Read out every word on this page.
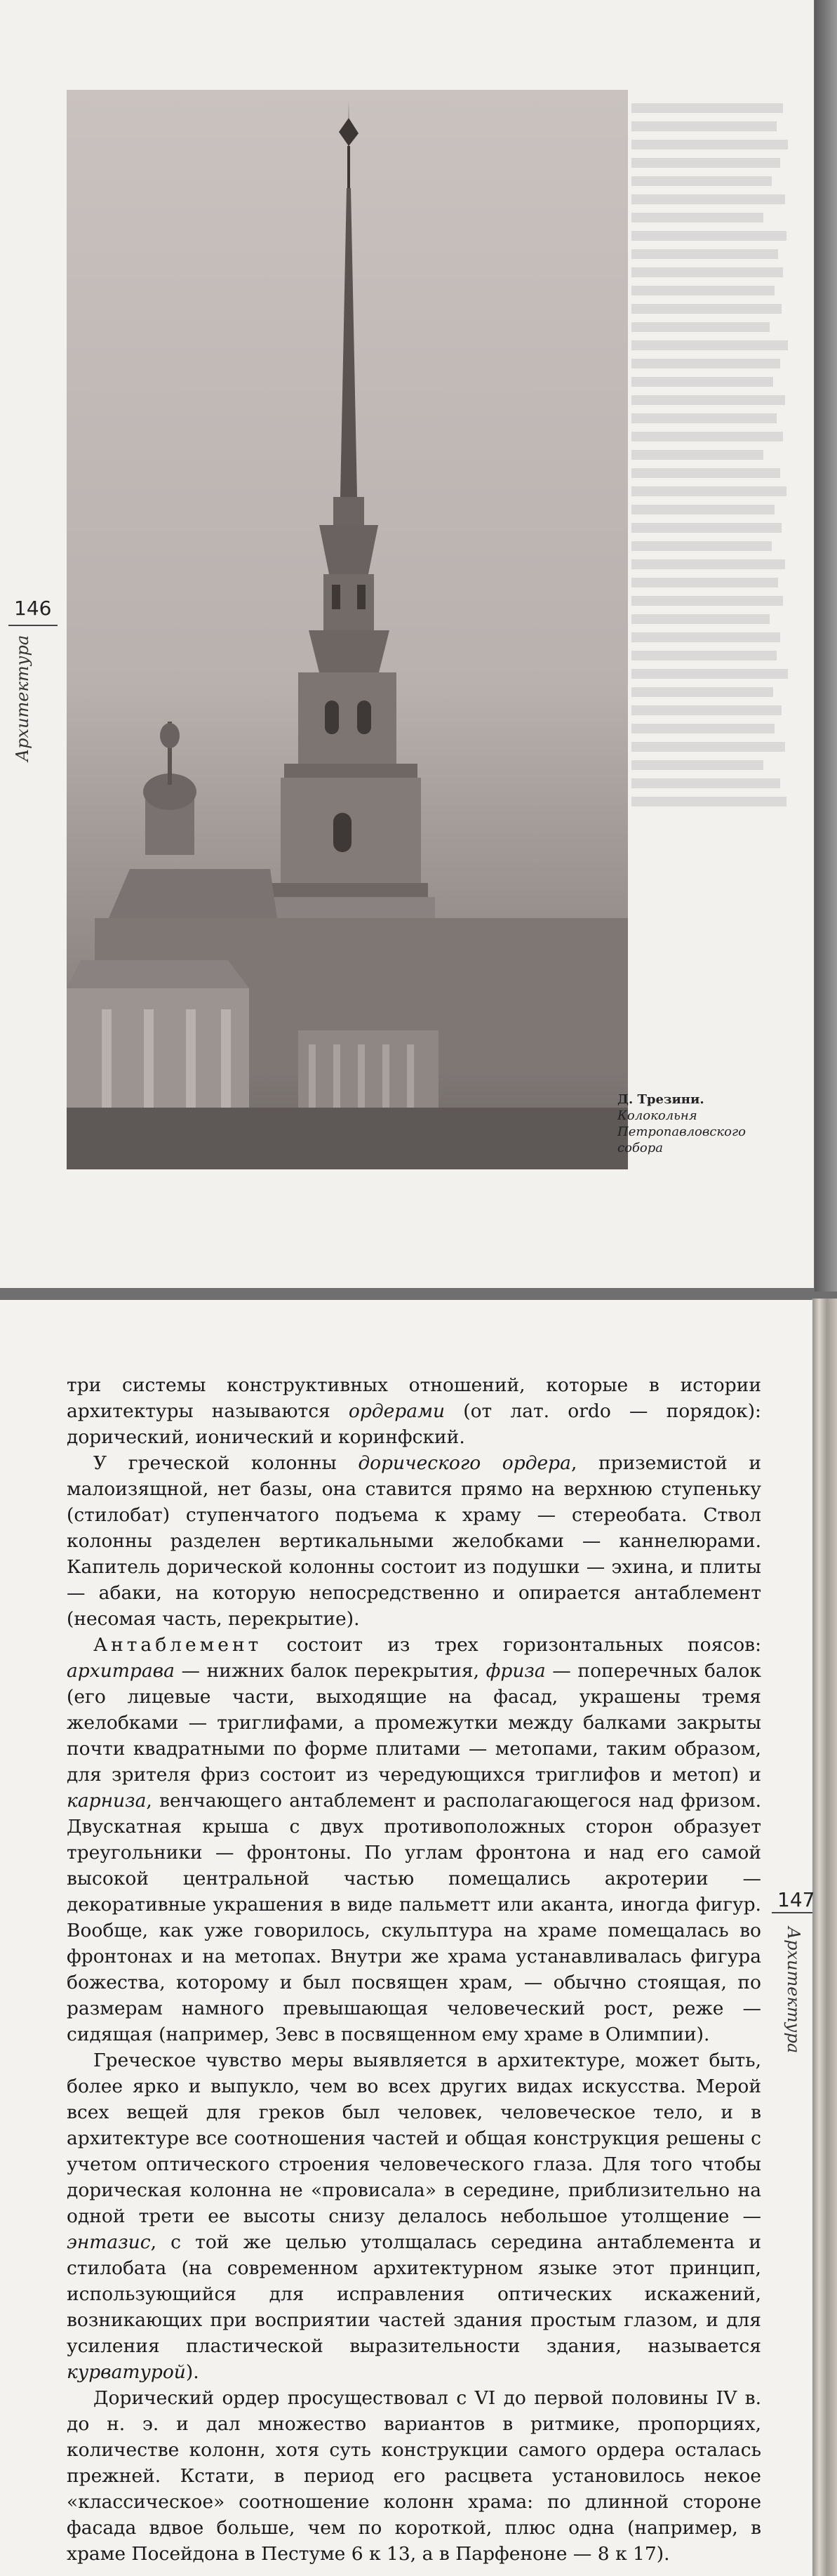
Д. Трезини.
Колокольня Петропавловского собора
146
Архитектура

три системы конструктивных отношений, которые в истории архитектуры называются ордерами (от лат. ordo — порядок): дорический, ионический и коринфский.

У греческой колонны дорического ордера, приземистой и малоизящной, нет базы, она ставится прямо на верхнюю ступеньку (стилобат) ступенчатого подъема к храму — стереобата. Ствол колонны разделен вертикальными желобками — каннелюрами. Капитель дорической колонны состоит из подушки — эхина, и плиты — абаки, на которую непосредственно и опирается антаблемент (несомая часть, перекрытие).

Антаблемент состоит из трех горизонтальных поясов: архитрава — нижних балок перекрытия, фриза — поперечных балок (его лицевые части, выходящие на фасад, украшены тремя желобками — триглифами, а промежутки между балками закрыты почти квадратными по форме плитами — метопами, таким образом, для зрителя фриз состоит из чередующихся триглифов и метоп) и карниза, венчающего антаблемент и располагающегося над фризом. Двускатная крыша с двух противоположных сторон образует треугольники — фронтоны. По углам фронтона и над его самой высокой центральной частью помещались акротерии — декоративные украшения в виде пальметт или аканта, иногда фигур. Вообще, как уже говорилось, скульптура на храме помещалась во фронтонах и на метопах. Внутри же храма устанавливалась фигура божества, которому и был посвящен храм, — обычно стоящая, по размерам намного превышающая человеческий рост, реже — сидящая (например, Зевс в посвященном ему храме в Олимпии).

Греческое чувство меры выявляется в архитектуре, может быть, более ярко и выпукло, чем во всех других видах искусства. Мерой всех вещей для греков был человек, человеческое тело, и в архитектуре все соотношения частей и общая конструкция решены с учетом оптического строения человеческого глаза. Для того чтобы дорическая колонна не «провисала» в середине, приблизительно на одной трети ее высоты снизу делалось небольшое утолщение — энтазис, с той же целью утолщалась середина антаблемента и стилобата (на современном архитектурном языке этот принцип, использующийся для исправления оптических искажений, возникающих при восприятии частей здания простым глазом, и для усиления пластической выразительности здания, называется курватурой).

Дорический ордер просуществовал с VI до первой половины IV в. до н. э. и дал множество вариантов в ритмике, пропорциях, количестве колонн, хотя суть конструкции самого ордера осталась прежней. Кстати, в период его расцвета установилось некое «классическое» соотношение колонн храма: по длинной стороне фасада вдвое больше, чем по короткой, плюс одна (например, в храме Посейдона в Пестуме 6 к 13, а в Парфеноне — 8 к 17).

147
Архитектура
